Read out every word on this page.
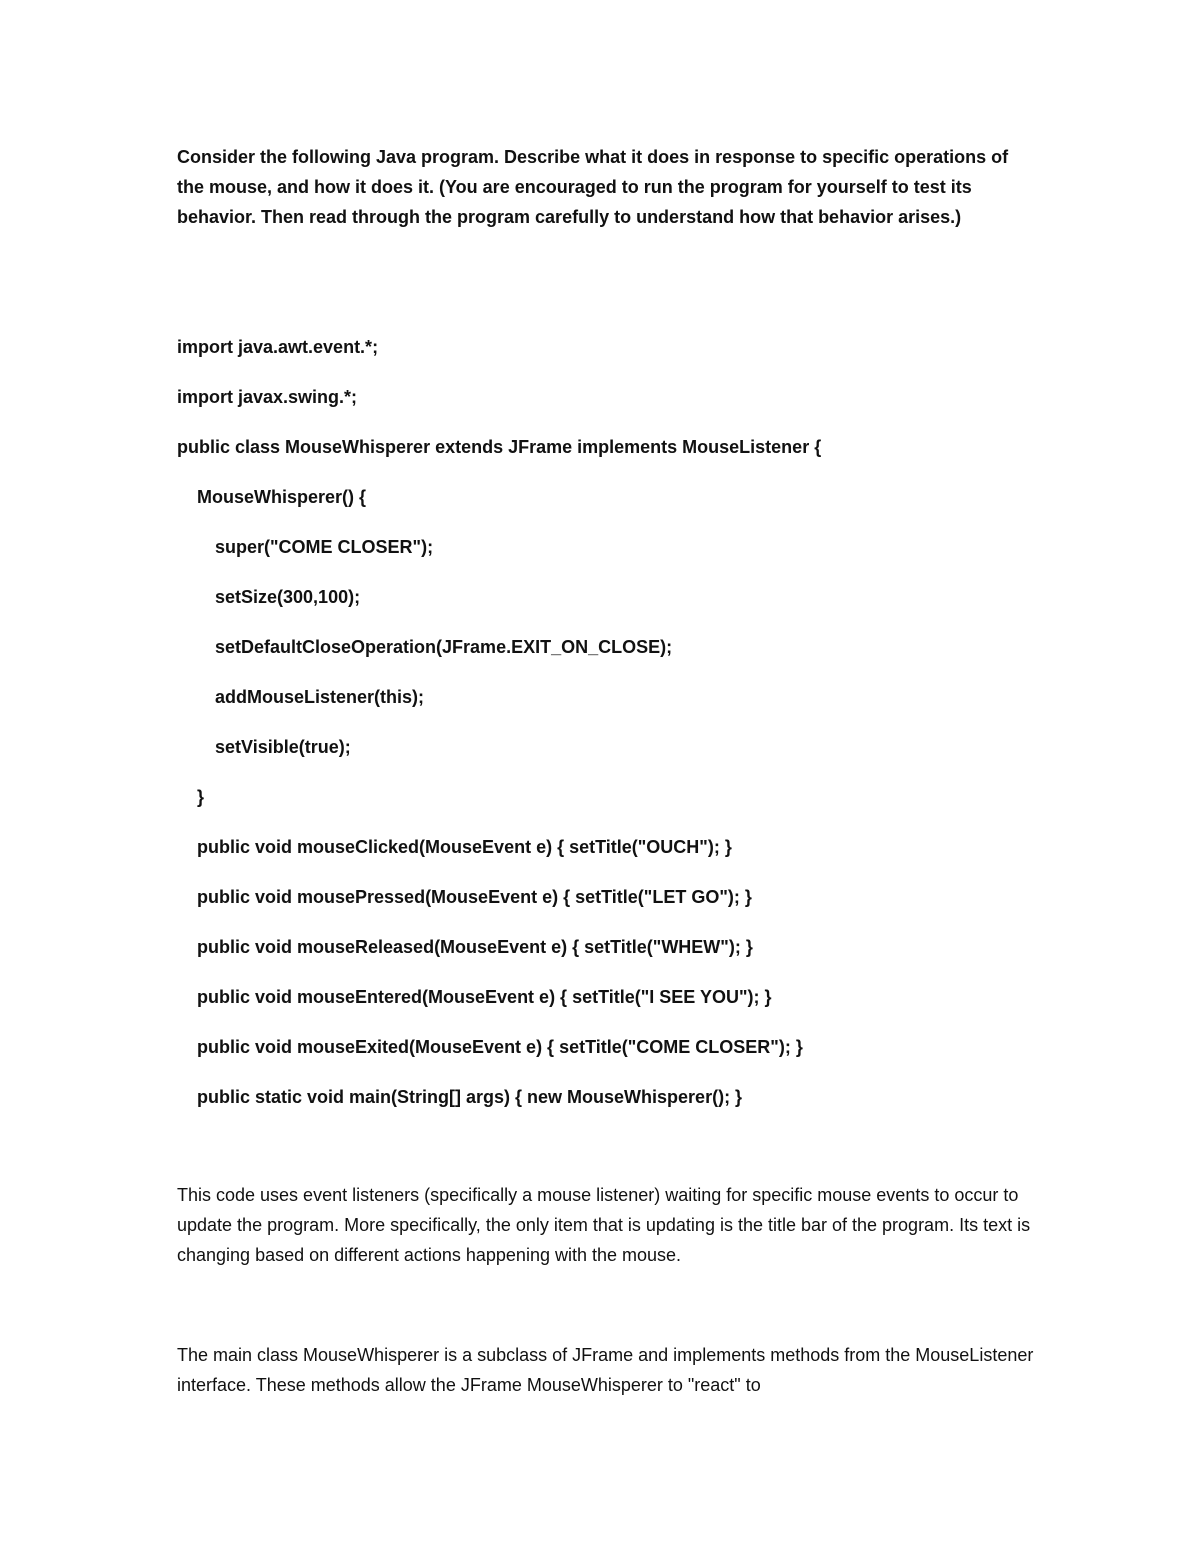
Consider the following Java program. Describe what it does in response to specific operations of the mouse, and how it does it. (You are encouraged to run the program for yourself to test its behavior. Then read through the program carefully to understand how that behavior arises.)

import java.awt.event.*;
import javax.swing.*;
public class MouseWhisperer extends JFrame implements MouseListener {
MouseWhisperer() {
super("COME CLOSER");
setSize(300,100);
setDefaultCloseOperation(JFrame.EXIT_ON_CLOSE);
addMouseListener(this);
setVisible(true);
}
public void mouseClicked(MouseEvent e) { setTitle("OUCH"); }
public void mousePressed(MouseEvent e) { setTitle("LET GO"); }
public void mouseReleased(MouseEvent e) { setTitle("WHEW"); }
public void mouseEntered(MouseEvent e) { setTitle("I SEE YOU"); }
public void mouseExited(MouseEvent e) { setTitle("COME CLOSER"); }
public static void main(String[] args) { new MouseWhisperer(); }

This code uses event listeners (specifically a mouse listener) waiting for specific mouse events to occur to update the program. More specifically, the only item that is updating is the title bar of the program. Its text is changing based on different actions happening with the mouse.

The main class MouseWhisperer is a subclass of JFrame and implements methods from the MouseListener interface. These methods allow the JFrame MouseWhisperer to "react" to
